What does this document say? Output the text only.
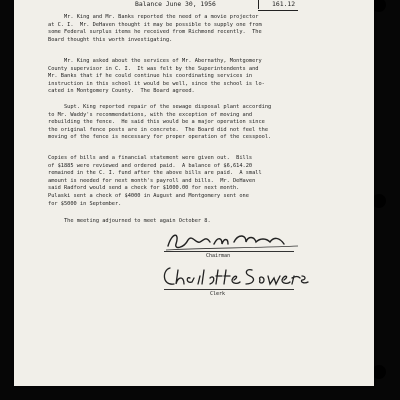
Balance June 30, 1956	161.12
Mr. King and Mr. Banks reported the need of a movie projector
at C. I.  Mr. DeHaven thought it may be possible to supply one from
some Federal surplus items he received from Richmond recently.  The
Board thought this worth investigating.
Mr. King asked about the services of Mr. Abernathy, Montgomery
County supervisor in C. I.  It was felt by the Superintendents and
Mr. Banks that if he could continue his coordinating services in
instruction in this school it would be well, since the school is lo-
cated in Montgomery County.  The Board agreed.
Supt. King reported repair of the sewage disposal plant according
to Mr. Waddy's recommendations, with the exception of moving and
rebuilding the fence.  He said this would be a major operation since
the original fence posts are in concrete.  The Board did not feel the
moving of the fence is necessary for proper operation of the cesspool.
Copies of bills and a financial statement were given out.  Bills
of $1885 were reviewed and ordered paid.  A balance of $6,614.20
remained in the C. I. fund after the above bills are paid.  A small
amount is needed for next month's payroll and bills.  Mr. DeHaven
said Radford would send a check for $1000.00 for next month.
Pulaski sent a check of $4000 in August and Montgomery sent one
for $5000 in September.
The meeting adjourned to meet again October 8.
Chairman
Clerk
